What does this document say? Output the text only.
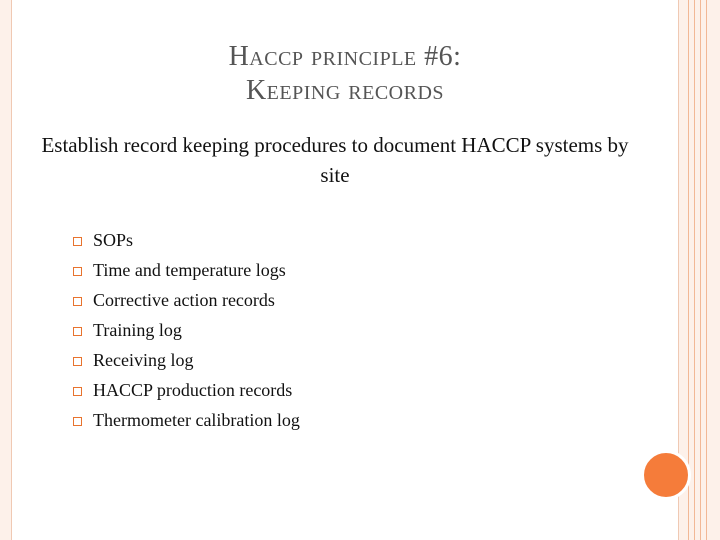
Haccp principle #6:
Keeping records
Establish record keeping procedures to document HACCP systems by site
SOPs
Time and temperature logs
Corrective action records
Training log
Receiving log
HACCP production records
Thermometer calibration log
